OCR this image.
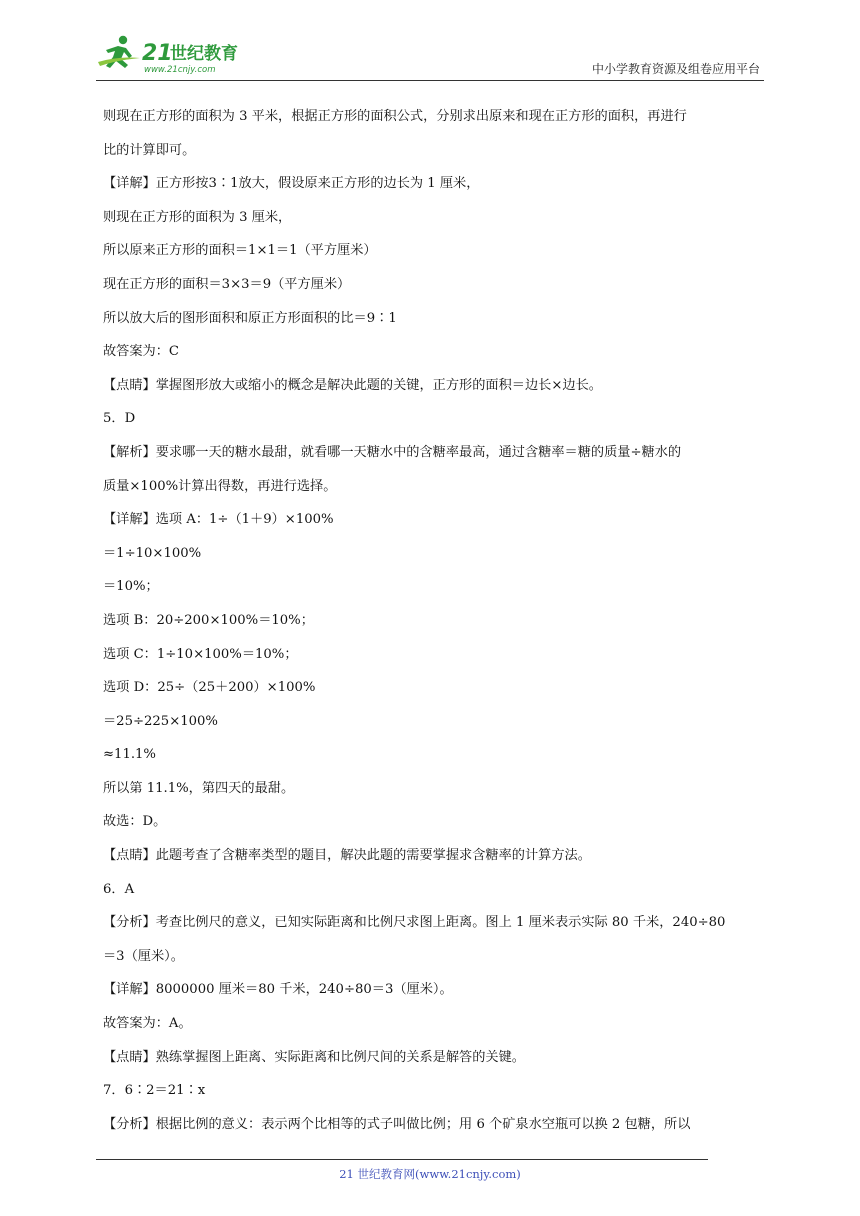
21
世纪教育
www.21cnjy.com	中小学教育资源及组卷应用平台
则现在正方形的面积为 3 平米，根据正方形的面积公式，分别求出原来和现在正方形的面积，再进行
比的计算即可。
【详解】正方形按3∶1放大，假设原来正方形的边长为 1 厘米，
则现在正方形的面积为 3 厘米，
所以原来正方形的面积＝1×1＝1（平方厘米）
现在正方形的面积＝3×3＝9（平方厘米）
所以放大后的图形面积和原正方形面积的比＝9∶1
故答案为：C
【点睛】掌握图形放大或缩小的概念是解决此题的关键，正方形的面积＝边长×边长。
5．D
【解析】要求哪一天的糖水最甜，就看哪一天糖水中的含糖率最高，通过含糖率＝糖的质量÷糖水的
质量×100%计算出得数，再进行选择。
【详解】选项 A：1÷（1＋9）×100%
＝1÷10×100%
＝10%；
选项 B：20÷200×100%＝10%；
选项 C：1÷10×100%＝10%；
选项 D：25÷（25＋200）×100%
＝25÷225×100%
≈11.1%
所以第 11.1%，第四天的最甜。
故选：D。
【点睛】此题考查了含糖率类型的题目，解决此题的需要掌握求含糖率的计算方法。
6．A
【分析】考查比例尺的意义，已知实际距离和比例尺求图上距离。图上 1 厘米表示实际 80 千米，240÷80
＝3（厘米）。
【详解】8000000 厘米＝80 千米，240÷80＝3（厘米）。
故答案为：A。
【点睛】熟练掌握图上距离、实际距离和比例尺间的关系是解答的关键。
7．6∶2＝21∶x
【分析】根据比例的意义：表示两个比相等的式子叫做比例；用 6 个矿泉水空瓶可以换 2 包糖，所以
21 世纪教育网(www.21cnjy.com)
